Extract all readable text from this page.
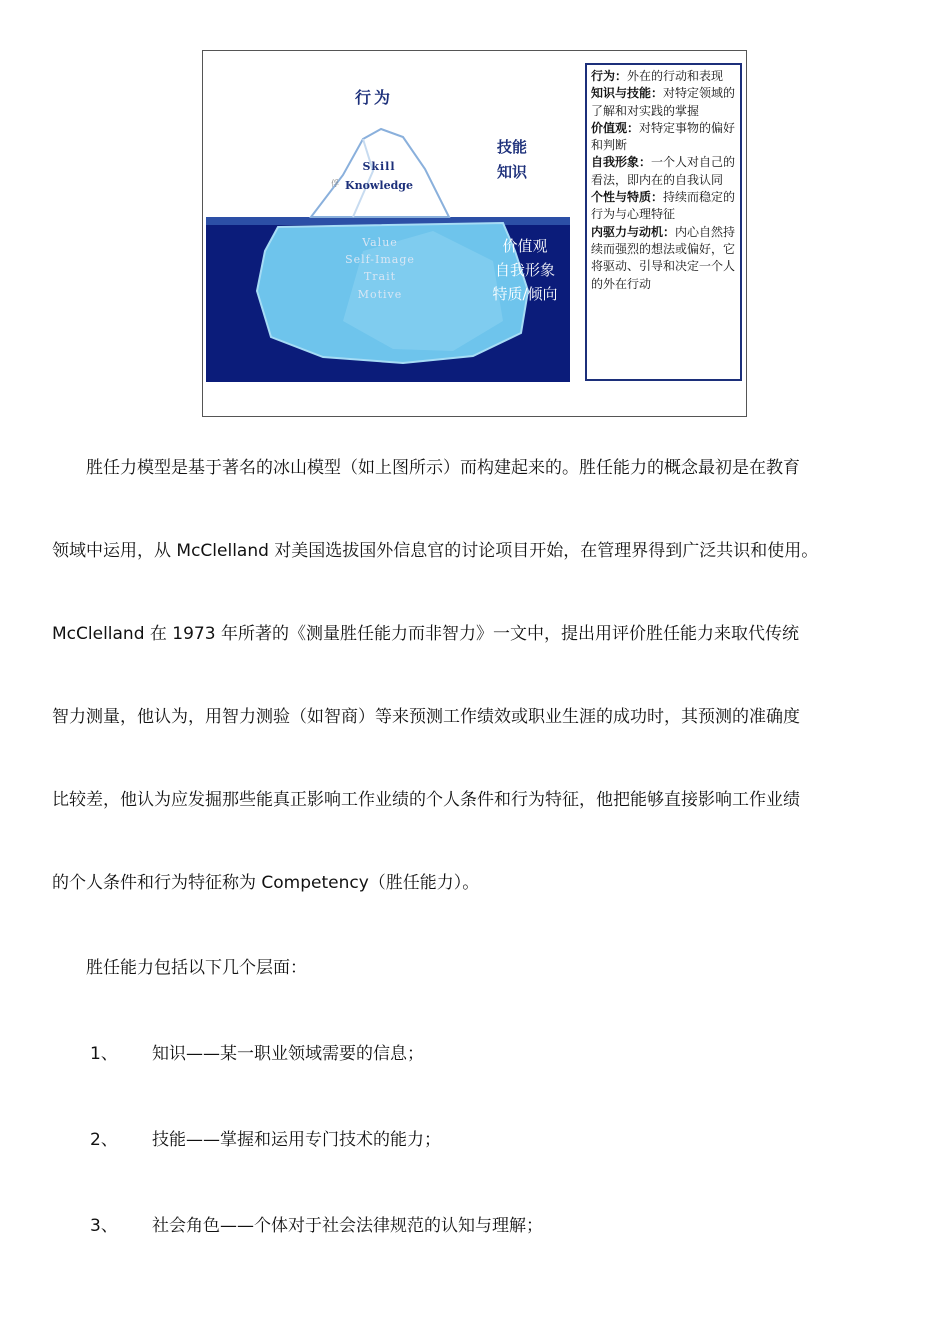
行为
技能
知识
Skill
Knowledge
俘
Value
Self-Image
Trait
Motive
价值观
自我形象
特质/倾向
行为：外在的行动和表现
知识与技能：对特定领域的了解和对实践的掌握
价值观：对特定事物的偏好和判断
自我形象：一个人对自己的看法，即内在的自我认同
个性与特质：持续而稳定的行为与心理特征
内驱力与动机：内心自然持续而强烈的想法或偏好，它将驱动、引导和决定一个人的外在行动

　　胜任力模型是基于著名的冰山模型（如上图所示）而构建起来的。胜任能力的概念最初是在教育
领域中运用，从 McClelland 对美国选拔国外信息官的讨论项目开始，在管理界得到广泛共识和使用。
McClelland 在 1973 年所著的《测量胜任能力而非智力》一文中，提出用评价胜任能力来取代传统
智力测量，他认为，用智力测验（如智商）等来预测工作绩效或职业生涯的成功时，其预测的准确度
比较差，他认为应发掘那些能真正影响工作业绩的个人条件和行为特征，他把能够直接影响工作业绩
的个人条件和行为特征称为 Competency（胜任能力）。

　　胜任能力包括以下几个层面：

1、 知识——某一职业领域需要的信息；
2、 技能——掌握和运用专门技术的能力；
3、 社会角色——个体对于社会法律规范的认知与理解；
